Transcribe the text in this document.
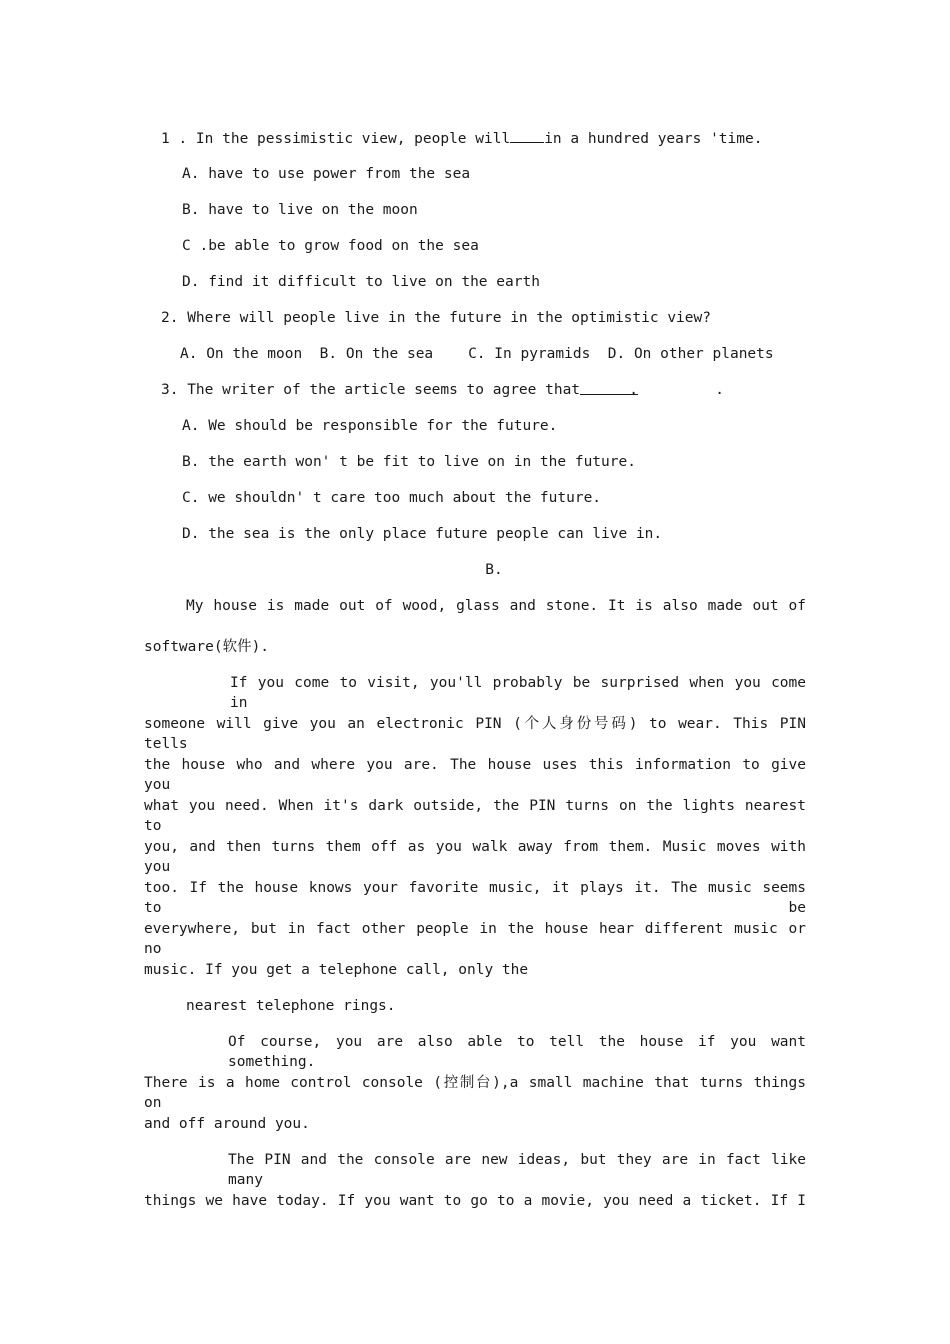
1 . In the pessimistic view, people will in a hundred years 'time.
A. have to use power from the sea
B. have to live on the moon
C .be able to grow food on the sea
D. find it difficult to live on the earth
2. Where will people live in the future in the optimistic view?
A. On the moon  B. On the sea    C. In pyramids  D. On other planets
3. The writer of the article seems to agree that	.	.
A. We should be responsible for the future.
B. the earth won' t be fit to live on in the future.
C. we shouldn' t care too much about the future.
D. the sea is the only place future people can live in.
B.
My house is made out of wood, glass and stone. It is also made out of
software(软件).
If you come to visit, you'll probably be surprised when you come in
someone will give you an electronic PIN (个人身份号码) to wear. This PIN tells
the house who and where you are. The house uses this information to give you
what you need. When it's dark outside, the PIN turns on the lights nearest to
you, and then turns them off as you walk away from them. Music moves with you
too. If the house knows your favorite music, it plays it. The music seems to be
everywhere, but in fact other people in the house hear different music or no
music. If you get a telephone call, only the
nearest telephone rings.
Of course, you are also able to tell the house if you want something.
There is a home control console (控制台),a small machine that turns things on
and off around you.
The PIN and the console are new ideas, but they are in fact like many
things we have today. If you want to go to a movie, you need a ticket. If I
